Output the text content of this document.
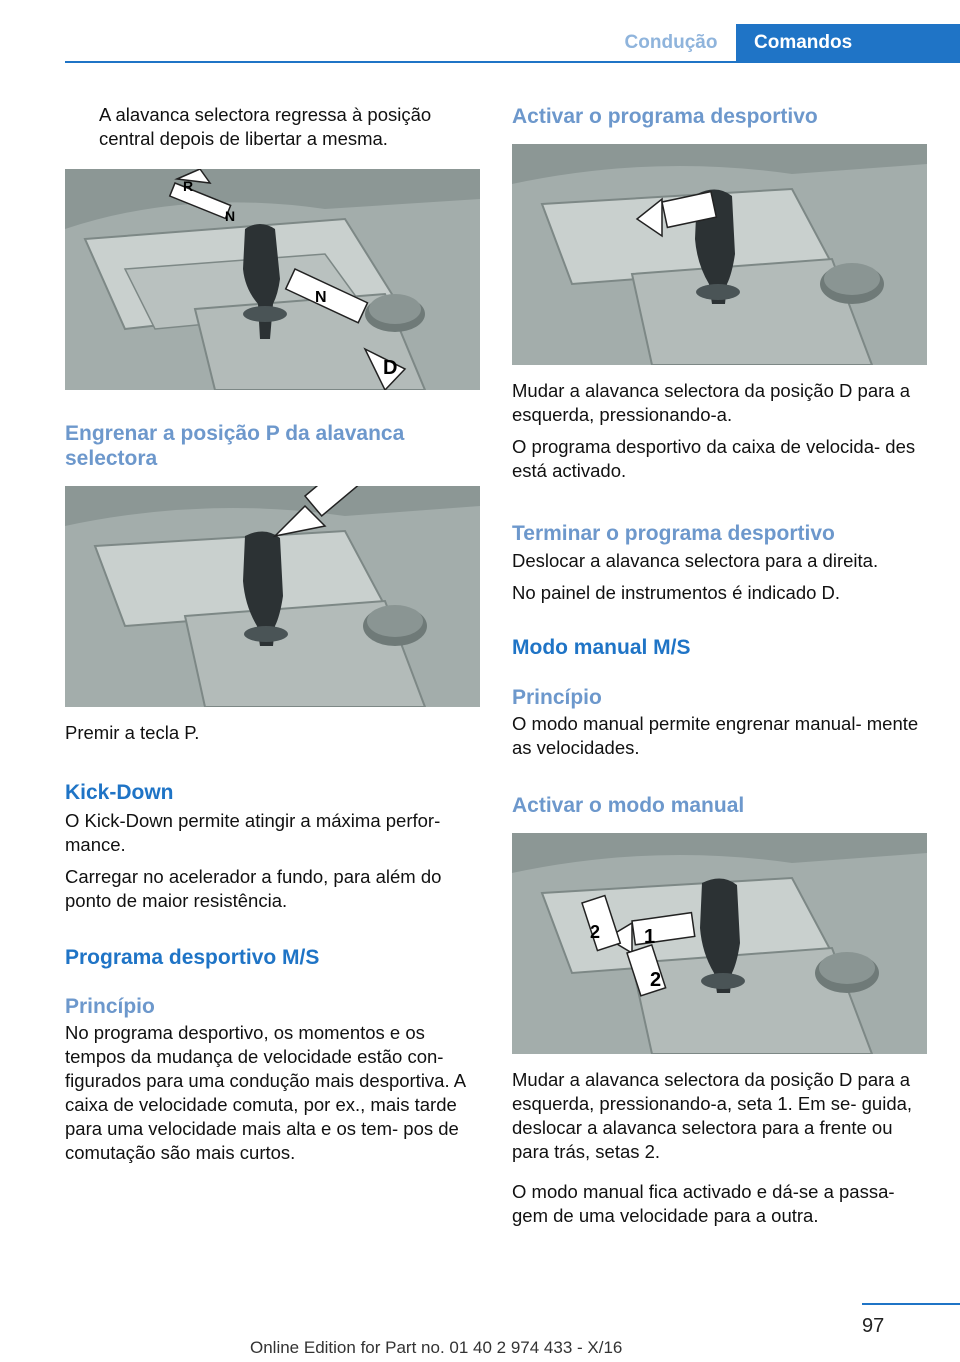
Condução	Comandos

A alavanca selectora regressa à posição central depois de libertar a mesma.

R
N
N
D
Engrenar a posição P da alavanca selectora

Premir a tecla P.

Kick-Down

O Kick-Down permite atingir a máxima perfor- mance.

Carregar no acelerador a fundo, para além do ponto de maior resistência.

Programa desportivo M/S
Princípio

No programa desportivo, os momentos e os tempos da mudança de velocidade estão con- figurados para uma condução mais desportiva. A caixa de velocidade comuta, por ex., mais tarde para uma velocidade mais alta e os tem- pos de comutação são mais curtos.

Activar o programa desportivo

Mudar a alavanca selectora da posição D para a esquerda, pressionando-a.

O programa desportivo da caixa de velocida- des está activado.

Terminar o programa desportivo

Deslocar a alavanca selectora para a direita.

No painel de instrumentos é indicado D.

Modo manual M/S
Princípio

O modo manual permite engrenar manual- mente as velocidades.

Activar o modo manual
1
2
2

Mudar a alavanca selectora da posição D para a esquerda, pressionando-a, seta 1. Em se- guida, deslocar a alavanca selectora para a frente ou para trás, setas 2.

O modo manual fica activado e dá-se a passa- gem de uma velocidade para a outra.

97
Online Edition for Part no. 01 40 2 974 433 - X/16
